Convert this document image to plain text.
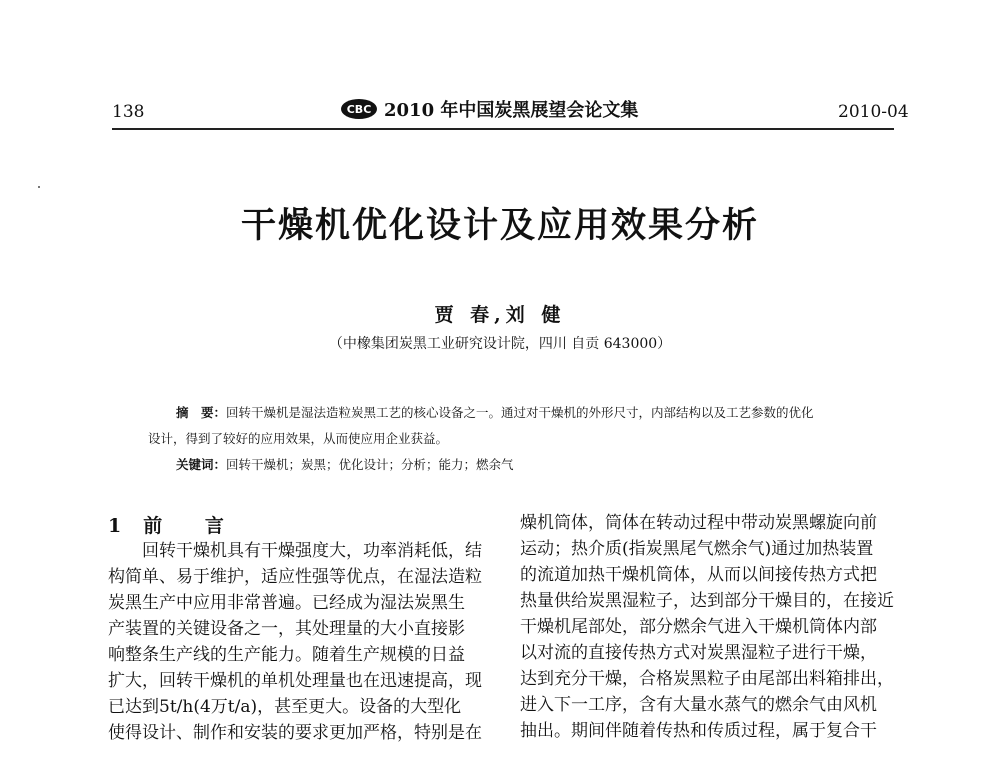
138	CBC 2010 年中国炭黑展望会论文集	2010-04
干燥机优化设计及应用效果分析
贾 春,刘 健
（中橡集团炭黑工业研究设计院，四川 自贡 643000）
摘　要：回转干燥机是湿法造粒炭黑工艺的核心设备之一。通过对干燥机的外形尺寸，内部结构以及工艺参数的优化
设计，得到了较好的应用效果，从而使应用企业获益。
关键词：回转干燥机；炭黑；优化设计；分析；能力；燃余气
1 前 言
　　回转干燥机具有干燥强度大，功率消耗低，结
构简单、易于维护，适应性强等优点，在湿法造粒
炭黑生产中应用非常普遍。已经成为湿法炭黑生
产装置的关键设备之一，其处理量的大小直接影
响整条生产线的生产能力。随着生产规模的日益
扩大，回转干燥机的单机处理量也在迅速提高，现
已达到5t/h(4万t/a)，甚至更大。设备的大型化
使得设计、制作和安装的要求更加严格，特别是在
燥机筒体，筒体在转动过程中带动炭黑螺旋向前
运动；热介质(指炭黑尾气燃余气)通过加热装置
的流道加热干燥机筒体，从而以间接传热方式把
热量供给炭黑湿粒子，达到部分干燥目的，在接近
干燥机尾部处，部分燃余气进入干燥机筒体内部
以对流的直接传热方式对炭黑湿粒子进行干燥，
达到充分干燥，合格炭黑粒子由尾部出料箱排出，
进入下一工序，含有大量水蒸气的燃余气由风机
抽出。期间伴随着传热和传质过程，属于复合干
